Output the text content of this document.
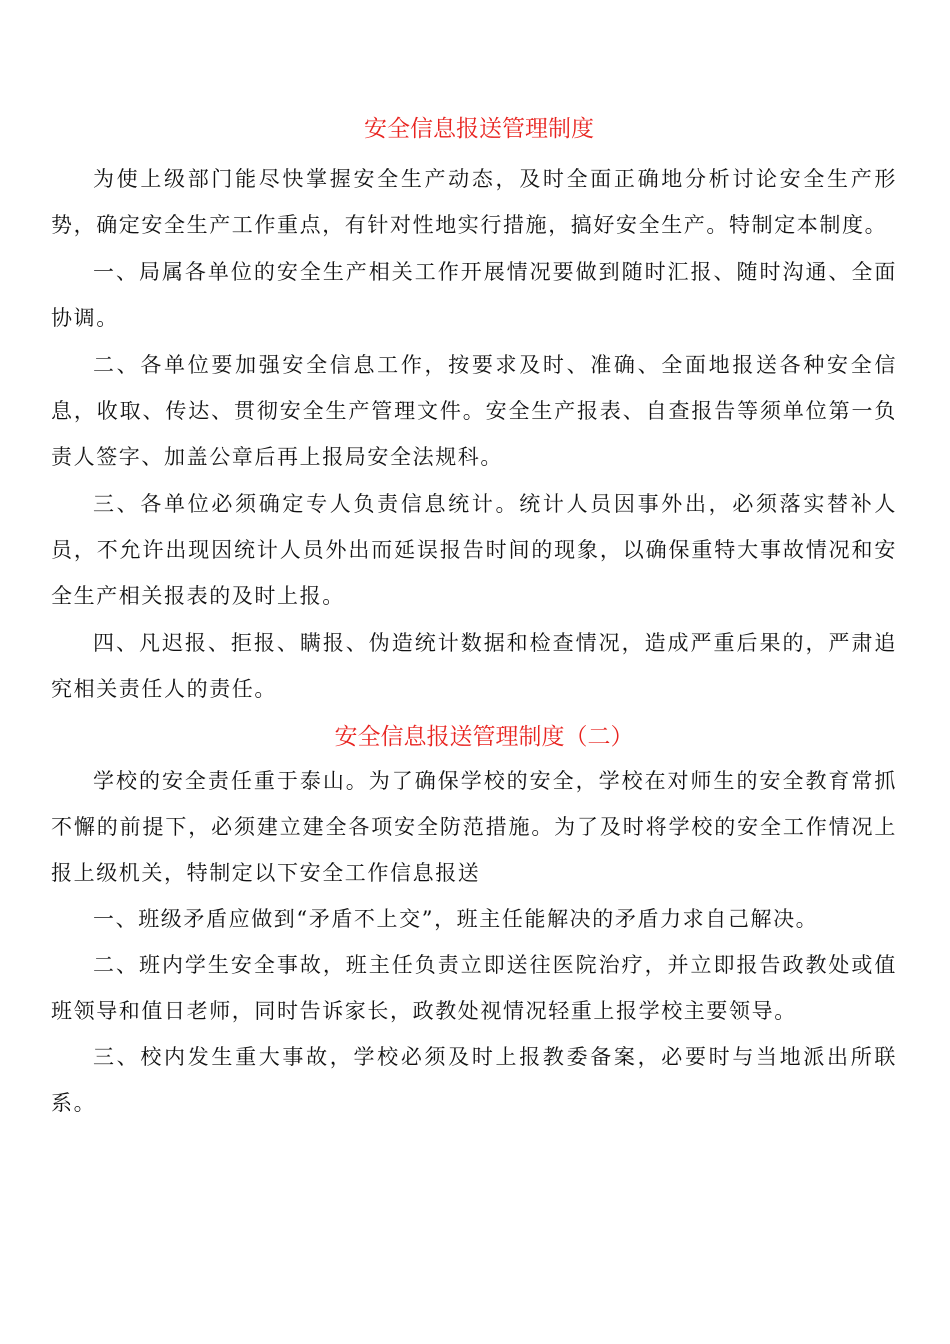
安全信息报送管理制度

为使上级部门能尽快掌握安全生产动态，及时全面正确地分析讨论安全生产形势，确定安全生产工作重点，有针对性地实行措施，搞好安全生产。特制定本制度。

一、局属各单位的安全生产相关工作开展情况要做到随时汇报、随时沟通、全面协调。

二、各单位要加强安全信息工作，按要求及时、准确、全面地报送各种安全信息，收取、传达、贯彻安全生产管理文件。安全生产报表、自查报告等须单位第一负责人签字、加盖公章后再上报局安全法规科。

三、各单位必须确定专人负责信息统计。统计人员因事外出，必须落实替补人员，不允许出现因统计人员外出而延误报告时间的现象，以确保重特大事故情况和安全生产相关报表的及时上报。

四、凡迟报、拒报、瞒报、伪造统计数据和检查情况，造成严重后果的，严肃追究相关责任人的责任。

安全信息报送管理制度（二）

学校的安全责任重于泰山。为了确保学校的安全，学校在对师生的安全教育常抓不懈的前提下，必须建立建全各项安全防范措施。为了及时将学校的安全工作情况上报上级机关，特制定以下安全工作信息报送

一、班级矛盾应做到“矛盾不上交”，班主任能解决的矛盾力求自己解决。

二、班内学生安全事故，班主任负责立即送往医院治疗，并立即报告政教处或值班领导和值日老师，同时告诉家长，政教处视情况轻重上报学校主要领导。

三、校内发生重大事故，学校必须及时上报教委备案，必要时与当地派出所联系。
